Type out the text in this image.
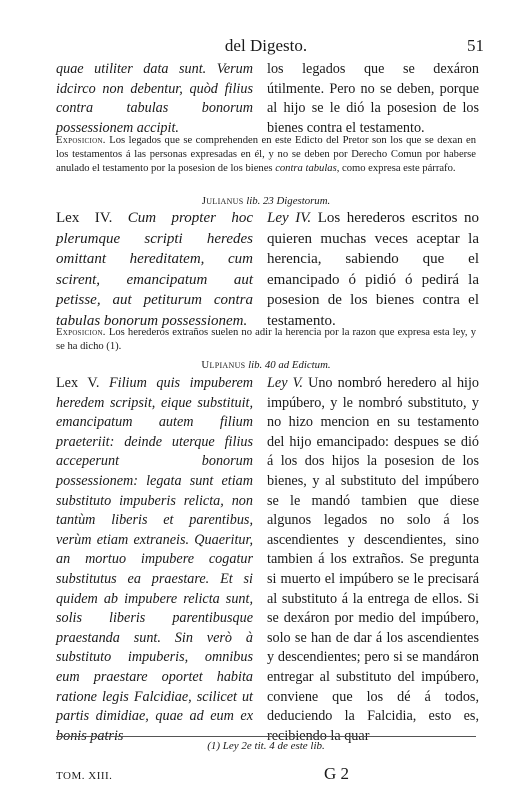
del Digesto.	51
quae utiliter data sunt. Verum idcirco non debentur, quòd filius contra tabulas bonorum possessionem accipit.
los legados que se dexáron útilmente. Pero no se deben, porque al hijo se le dió la posesion de los bienes contra el testamento.
Exposicion. Los legados que se comprehenden en este Edicto del Pretor son los que se dexan en los testamentos á las personas expresadas en él, y no se deben por Derecho Comun por haberse anulado el testamento por la posesion de los bienes contra tabulas, como expresa este párrafo.
Julianus lib. 23 Digestorum.
Lex IV. Cum propter hoc plerumque scripti heredes omittant hereditatem, cum scirent, emancipatum aut petisse, aut petiturum contra tabulas bonorum possessionem.
Ley IV. Los herederos escritos no quieren muchas veces aceptar la herencia, sabiendo que el emancipado ó pidió ó pedirá la posesion de los bienes contra el testamento.
Exposicion. Los herederos extraños suelen no adir la herencia por la razon que expresa esta ley, y se ha dicho (1).
Ulpianus lib. 40 ad Edictum.
Lex V. Filium quis impuberem heredem scripsit, eique substituit, emancipatum autem filium praeteriit: deinde uterque filius acceperunt bonorum possessionem: legata sunt etiam substituto impuberis relicta, non tantùm liberis et parentibus, verùm etiam extraneis. Quaeritur, an mortuo impubere cogatur substitutus ea praestare. Et si quidem ab impubere relicta sunt, solis liberis parentibusque praestanda sunt. Sin verò à substituto impuberis, omnibus eum praestare oportet habita ratione legis Falcidiae, scilicet ut partis dimidiae, quae ad eum ex bonis patris
Ley V. Uno nombró heredero al hijo impúbero, y le nombró substituto, y no hizo mencion en su testamento del hijo emancipado: despues se dió á los dos hijos la posesion de los bienes, y al substituto del impúbero se le mandó tambien que diese algunos legados no solo á los ascendientes y descendientes, sino tambien á los extraños. Se pregunta si muerto el impúbero se le precisará al substituto á la entrega de ellos. Si se dexáron por medio del impúbero, solo se han de dar á los ascendientes y descendientes; pero si se mandáron entregar al substituto del impúbero, conviene que los dé á todos, deduciendo la Falcidia, esto es, recibiendo la quar
(1) Ley 2e tit. 4 de este lib.
TOM. XIII.	G 2
